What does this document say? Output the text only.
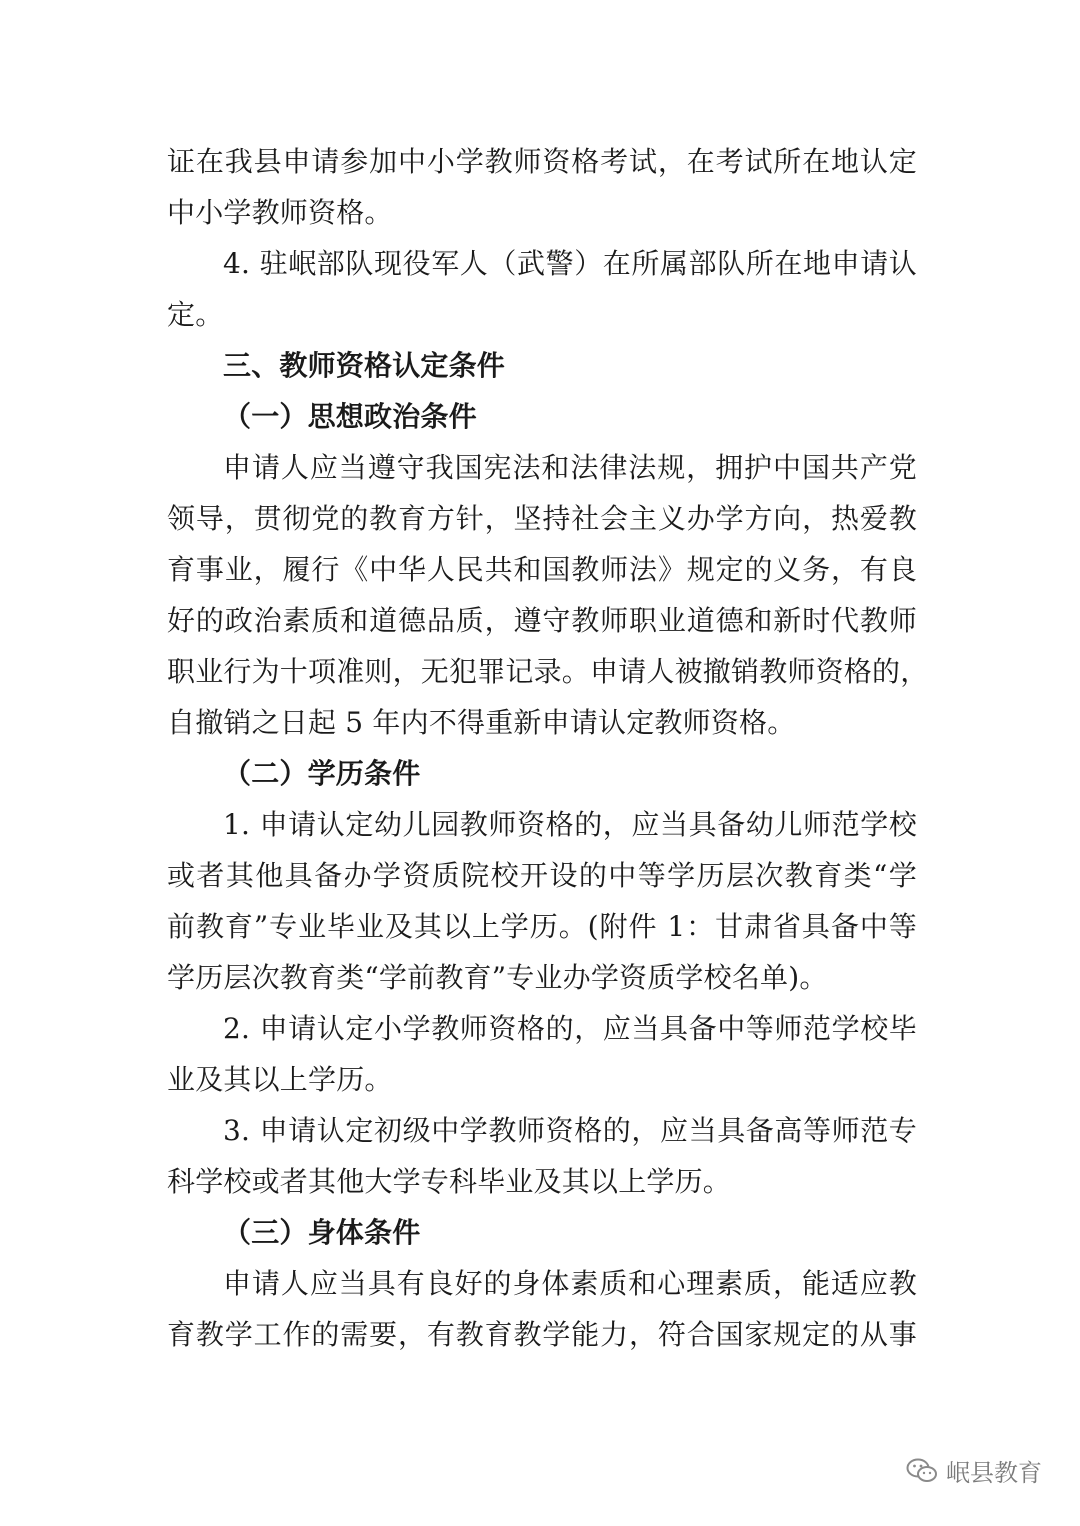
证在我县申请参加中小学教师资格考试，在考试所在地认定
中小学教师资格。
4. 驻岷部队现役军人（武警）在所属部队所在地申请认
定。
三、教师资格认定条件
（一）思想政治条件
申请人应当遵守我国宪法和法律法规，拥护中国共产党
领导，贯彻党的教育方针，坚持社会主义办学方向，热爱教
育事业，履行《中华人民共和国教师法》规定的义务，有良
好的政治素质和道德品质，遵守教师职业道德和新时代教师
职业行为十项准则，无犯罪记录。申请人被撤销教师资格的，
自撤销之日起 5 年内不得重新申请认定教师资格。
（二）学历条件
1. 申请认定幼儿园教师资格的，应当具备幼儿师范学校
或者其他具备办学资质院校开设的中等学历层次教育类“学
前教育”专业毕业及其以上学历。(附件 1：甘肃省具备中等
学历层次教育类“学前教育”专业办学资质学校名单)。
2. 申请认定小学教师资格的，应当具备中等师范学校毕
业及其以上学历。
3. 申请认定初级中学教师资格的，应当具备高等师范专
科学校或者其他大学专科毕业及其以上学历。
（三）身体条件
申请人应当具有良好的身体素质和心理素质，能适应教
育教学工作的需要，有教育教学能力，符合国家规定的从事
岷县教育
